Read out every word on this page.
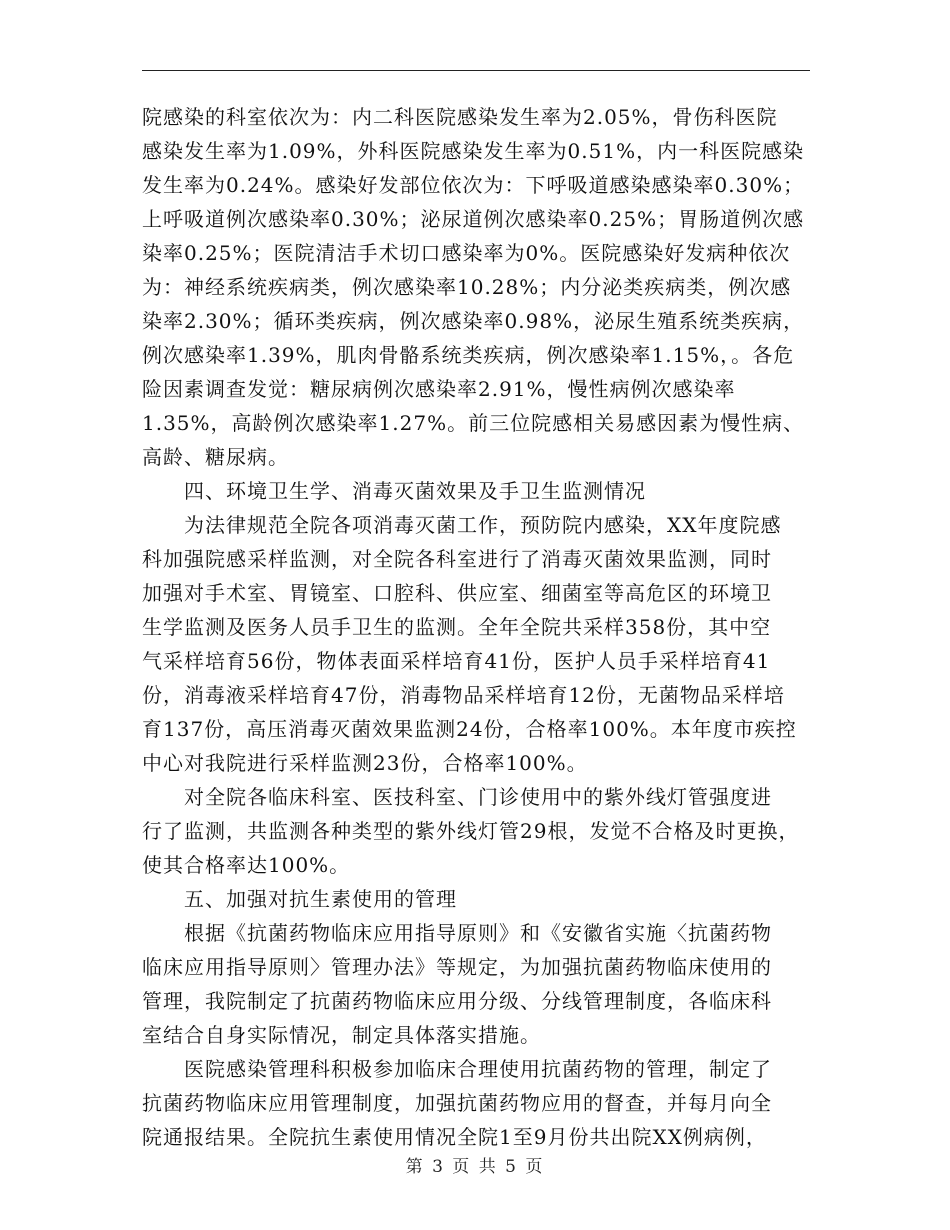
院感染的科室依次为：内二科医院感染发生率为2.05%，骨伤科医院
感染发生率为1.09%，外科医院感染发生率为0.51%，内一科医院感染
发生率为0.24%。感染好发部位依次为：下呼吸道感染感染率0.30%；
上呼吸道例次感染率0.30%；泌尿道例次感染率0.25%；胃肠道例次感
染率0.25%；医院清洁手术切口感染率为0%。医院感染好发病种依次
为：神经系统疾病类，例次感染率10.28%；内分泌类疾病类，例次感
染率2.30%；循环类疾病，例次感染率0.98%，泌尿生殖系统类疾病，
例次感染率1.39%，肌肉骨骼系统类疾病，例次感染率1.15%，。各危
险因素调查发觉：糖尿病例次感染率2.91%，慢性病例次感染率
1.35%，高龄例次感染率1.27%。前三位院感相关易感因素为慢性病、
高龄、糖尿病。
　　四、环境卫生学、消毒灭菌效果及手卫生监测情况
　　为法律规范全院各项消毒灭菌工作，预防院内感染，XX年度院感
科加强院感采样监测，对全院各科室进行了消毒灭菌效果监测，同时
加强对手术室、胃镜室、口腔科、供应室、细菌室等高危区的环境卫
生学监测及医务人员手卫生的监测。全年全院共采样358份，其中空
气采样培育56份，物体表面采样培育41份，医护人员手采样培育41
份，消毒液采样培育47份，消毒物品采样培育12份，无菌物品采样培
育137份，高压消毒灭菌效果监测24份，合格率100%。本年度市疾控
中心对我院进行采样监测23份，合格率100%。
　　对全院各临床科室、医技科室、门诊使用中的紫外线灯管强度进
行了监测，共监测各种类型的紫外线灯管29根，发觉不合格及时更换，
使其合格率达100%。
　　五、加强对抗生素使用的管理
　　根据《抗菌药物临床应用指导原则》和《安徽省实施〈抗菌药物
临床应用指导原则〉管理办法》等规定，为加强抗菌药物临床使用的
管理，我院制定了抗菌药物临床应用分级、分线管理制度，各临床科
室结合自身实际情况，制定具体落实措施。
　　医院感染管理科积极参加临床合理使用抗菌药物的管理，制定了
抗菌药物临床应用管理制度，加强抗菌药物应用的督查，并每月向全
院通报结果。全院抗生素使用情况全院1至9月份共出院XX例病例，
第 3 页 共 5 页
